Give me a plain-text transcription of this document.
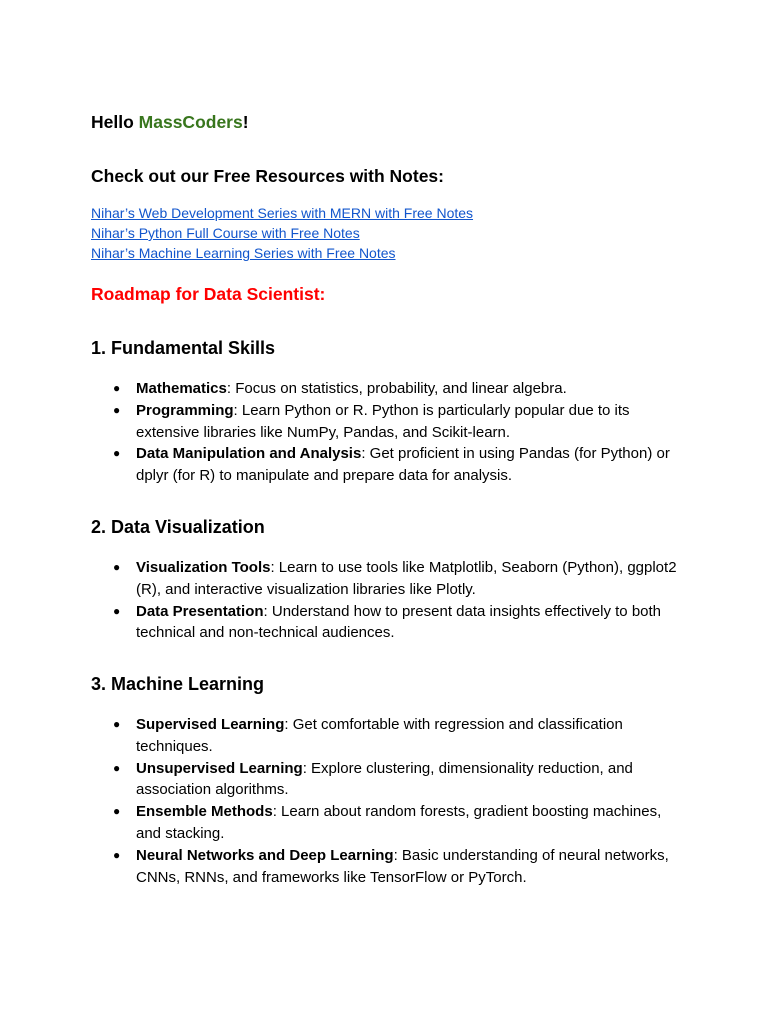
Hello MassCoders!
Check out our Free Resources with Notes:
Nihar’s Web Development Series with MERN with Free Notes
Nihar’s Python Full Course with Free Notes
Nihar’s Machine Learning Series with Free Notes
Roadmap for Data Scientist:
1. Fundamental Skills
● Mathematics: Focus on statistics, probability, and linear algebra.
● Programming: Learn Python or R. Python is particularly popular due to its extensive libraries like NumPy, Pandas, and Scikit-learn.
● Data Manipulation and Analysis: Get proficient in using Pandas (for Python) or dplyr (for R) to manipulate and prepare data for analysis.
2. Data Visualization
● Visualization Tools: Learn to use tools like Matplotlib, Seaborn (Python), ggplot2 (R), and interactive visualization libraries like Plotly.
● Data Presentation: Understand how to present data insights effectively to both technical and non-technical audiences.
3. Machine Learning
● Supervised Learning: Get comfortable with regression and classification techniques.
● Unsupervised Learning: Explore clustering, dimensionality reduction, and association algorithms.
● Ensemble Methods: Learn about random forests, gradient boosting machines, and stacking.
● Neural Networks and Deep Learning: Basic understanding of neural networks, CNNs, RNNs, and frameworks like TensorFlow or PyTorch.
